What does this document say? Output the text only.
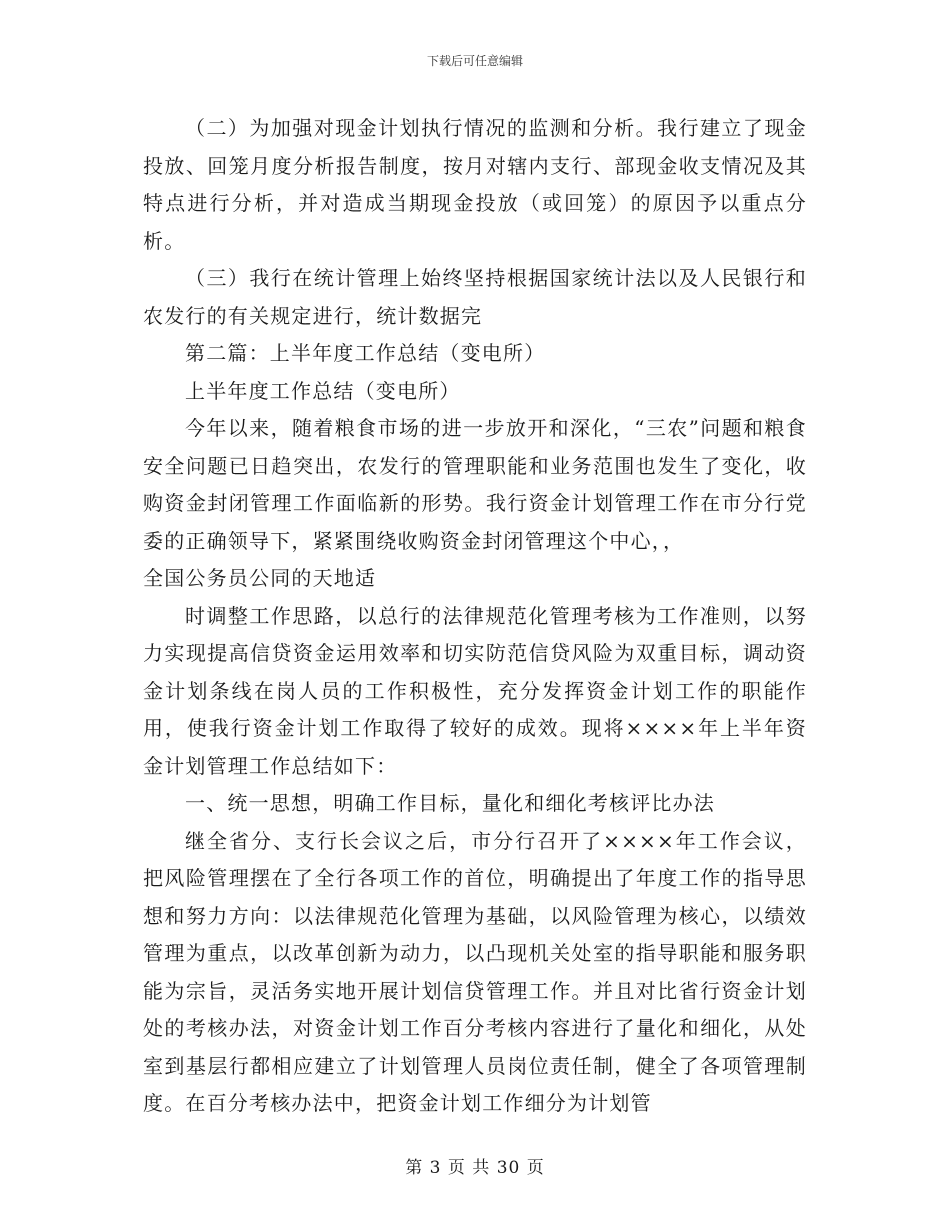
下载后可任意编辑

（二）为加强对现金计划执行情况的监测和分析。我行建立了现金投放、回笼月度分析报告制度，按月对辖内支行、部现金收支情况及其特点进行分析，并对造成当期现金投放（或回笼）的原因予以重点分析。

（三）我行在统计管理上始终坚持根据国家统计法以及人民银行和农发行的有关规定进行，统计数据完

第二篇：上半年度工作总结（变电所）

上半年度工作总结（变电所）

今年以来，随着粮食市场的进一步放开和深化，“三农”问题和粮食安全问题已日趋突出，农发行的管理职能和业务范围也发生了变化，收购资金封闭管理工作面临新的形势。我行资金计划管理工作在市分行党委的正确领导下，紧紧围绕收购资金封闭管理这个中心，，

全国公务员公同的天地适

时调整工作思路，以总行的法律规范化管理考核为工作准则，以努力实现提高信贷资金运用效率和切实防范信贷风险为双重目标，调动资金计划条线在岗人员的工作积极性，充分发挥资金计划工作的职能作用，使我行资金计划工作取得了较好的成效。现将××××年上半年资金计划管理工作总结如下：

一、统一思想，明确工作目标，量化和细化考核评比办法

继全省分、支行长会议之后，市分行召开了××××年工作会议，把风险管理摆在了全行各项工作的首位，明确提出了年度工作的指导思想和努力方向：以法律规范化管理为基础，以风险管理为核心，以绩效管理为重点，以改革创新为动力，以凸现机关处室的指导职能和服务职能为宗旨，灵活务实地开展计划信贷管理工作。并且对比省行资金计划处的考核办法，对资金计划工作百分考核内容进行了量化和细化，从处室到基层行都相应建立了计划管理人员岗位责任制，健全了各项管理制度。在百分考核办法中，把资金计划工作细分为计划管

第 3 页 共 30 页
